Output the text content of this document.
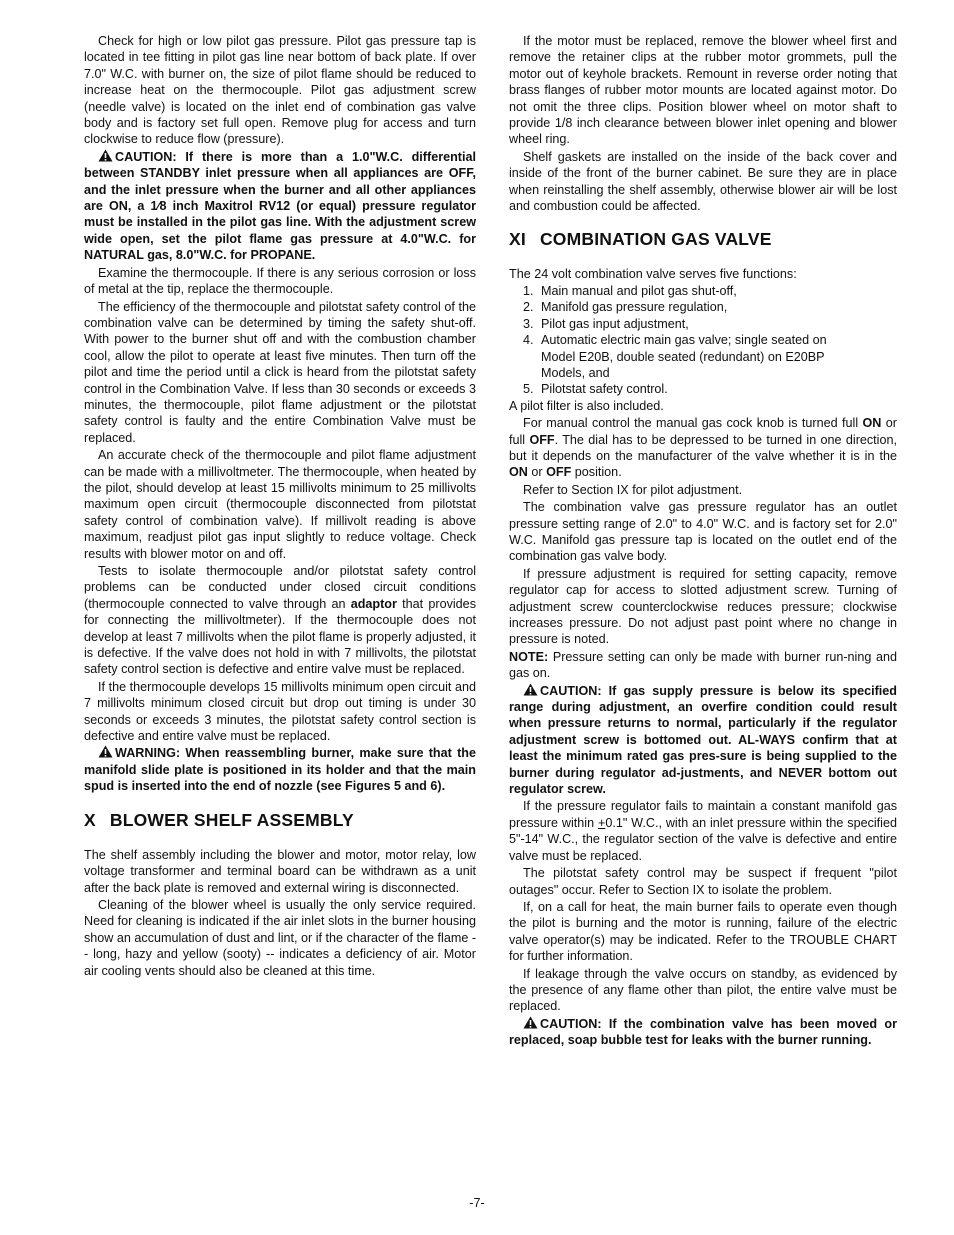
Check for high or low pilot gas pressure. Pilot gas pressure tap is located in tee fitting in pilot gas line near bottom of back plate. If over 7.0" W.C. with burner on, the size of pilot flame should be reduced to increase heat on the thermocouple. Pilot gas adjustment screw (needle valve) is located on the inlet end of combination gas valve body and is factory set full open. Remove plug for access and turn clockwise to reduce flow (pressure).

CAUTION: If there is more than a 1.0"W.C. differential between STANDBY inlet pressure when all appliances are OFF, and the inlet pressure when the burner and all other appliances are ON, a 1⁄8 inch Maxitrol RV12 (or equal) pressure regulator must be installed in the pilot gas line. With the adjustment screw wide open, set the pilot flame gas pressure at 4.0"W.C. for NATURAL gas, 8.0"W.C. for PROPANE.

Examine the thermocouple. If there is any serious corrosion or loss of metal at the tip, replace the thermocouple.

The efficiency of the thermocouple and pilotstat safety control of the combination valve can be determined by timing the safety shut-off. With power to the burner shut off and with the combustion chamber cool, allow the pilot to operate at least five minutes. Then turn off the pilot and time the period until a click is heard from the pilotstat safety control in the Combination Valve. If less than 30 seconds or exceeds 3 minutes, the thermocouple, pilot flame adjustment or the pilotstat safety control is faulty and the entire Combination Valve must be replaced.

An accurate check of the thermocouple and pilot flame adjustment can be made with a millivoltmeter. The thermocouple, when heated by the pilot, should develop at least 15 millivolts minimum to 25 millivolts maximum open circuit (thermocouple disconnected from pilotstat safety control of combination valve). If millivolt reading is above maximum, readjust pilot gas input slightly to reduce voltage. Check results with blower motor on and off.

Tests to isolate thermocouple and/or pilotstat safety control problems can be conducted under closed circuit conditions (thermocouple connected to valve through an adaptor that provides for connecting the millivoltmeter). If the thermocouple does not develop at least 7 millivolts when the pilot flame is properly adjusted, it is defective. If the valve does not hold in with 7 millivolts, the pilotstat safety control section is defective and entire valve must be replaced.

If the thermocouple develops 15 millivolts minimum open circuit and 7 millivolts minimum closed circuit but drop out timing is under 30 seconds or exceeds 3 minutes, the pilotstat safety control section is defective and entire valve must be replaced.

WARNING: When reassembling burner, make sure that the manifold slide plate is positioned in its holder and that the main spud is inserted into the end of nozzle (see Figures 5 and 6).

X BLOWER SHELF ASSEMBLY

The shelf assembly including the blower and motor, motor relay, low voltage transformer and terminal board can be withdrawn as a unit after the back plate is removed and external wiring is disconnected.

Cleaning of the blower wheel is usually the only service required. Need for cleaning is indicated if the air inlet slots in the burner housing show an accumulation of dust and lint, or if the character of the flame -- long, hazy and yellow (sooty) -- indicates a deficiency of air. Motor air cooling vents should also be cleaned at this time.

If the motor must be replaced, remove the blower wheel first and remove the retainer clips at the rubber motor grommets, pull the motor out of keyhole brackets. Remount in reverse order noting that brass flanges of rubber motor mounts are located against motor. Do not omit the three clips. Position blower wheel on motor shaft to provide 1/8 inch clearance between blower inlet opening and blower wheel ring.

Shelf gaskets are installed on the inside of the back cover and inside of the front of the burner cabinet. Be sure they are in place when reinstalling the shelf assembly, otherwise blower air will be lost and combustion could be affected.

XI COMBINATION GAS VALVE

The 24 volt combination valve serves five functions:

1. Main manual and pilot gas shut-off,
2. Manifold gas pressure regulation,
3. Pilot gas input adjustment,
4. Automatic electric main gas valve; single seated on
Model E20B, double seated (redundant) on E20BP
Models, and
5. Pilotstat safety control.

A pilot filter is also included.

For manual control the manual gas cock knob is turned full ON or full OFF. The dial has to be depressed to be turned in one direction, but it depends on the manufacturer of the valve whether it is in the ON or OFF position.

Refer to Section IX for pilot adjustment.

The combination valve gas pressure regulator has an outlet pressure setting range of 2.0" to 4.0" W.C. and is factory set for 2.0" W.C. Manifold gas pressure tap is located on the outlet end of the combination gas valve body.

If pressure adjustment is required for setting capacity, remove regulator cap for access to slotted adjustment screw. Turning of adjustment screw counterclockwise reduces pressure; clockwise increases pressure. Do not adjust past point where no change in pressure is noted.

NOTE: Pressure setting can only be made with burner run-ning and gas on.

CAUTION: If gas supply pressure is below its specified range during adjustment, an overfire condition could result when pressure returns to normal, particularly if the regulator adjustment screw is bottomed out. AL-WAYS confirm that at least the minimum rated gas pres-sure is being supplied to the burner during regulator ad-justments, and NEVER bottom out regulator screw.

If the pressure regulator fails to maintain a constant manifold gas pressure within +0.1" W.C., with an inlet pressure within the specified 5"-14" W.C., the regulator section of the valve is defective and entire valve must be replaced.

The pilotstat safety control may be suspect if frequent "pilot outages" occur. Refer to Section IX to isolate the problem.

If, on a call for heat, the main burner fails to operate even though the pilot is burning and the motor is running, failure of the electric valve operator(s) may be indicated. Refer to the TROUBLE CHART for further information.

If leakage through the valve occurs on standby, as evidenced by the presence of any flame other than pilot, the entire valve must be replaced.

CAUTION: If the combination valve has been moved or replaced, soap bubble test for leaks with the burner running.

-7-
